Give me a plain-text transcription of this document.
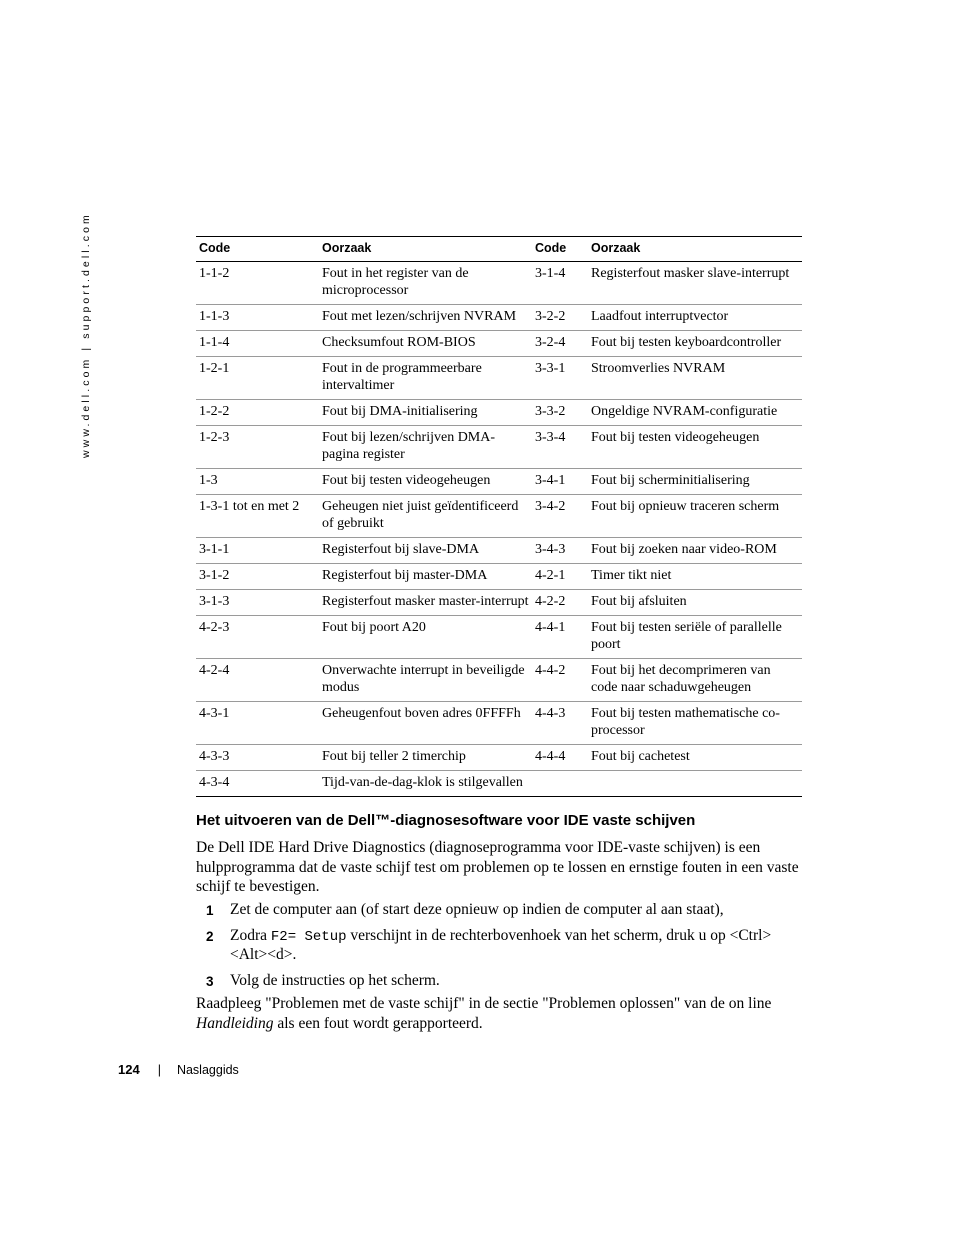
www.dell.com | support.dell.com	Code	Oorzaak	Code	Oorzaak
1-1-2	Fout in het register van de microprocessor	3-1-4	Registerfout masker slave-interrupt
1-1-3	Fout met lezen/schrijven NVRAM	3-2-2	Laadfout interruptvector
1-1-4	Checksumfout ROM-BIOS	3-2-4	Fout bij testen keyboardcontroller
1-2-1	Fout in de programmeerbare intervaltimer	3-3-1	Stroomverlies NVRAM
1-2-2	Fout bij DMA-initialisering	3-3-2	Ongeldige NVRAM-configuratie
1-2-3	Fout bij lezen/schrijven DMA-pagina register	3-3-4	Fout bij testen videogeheugen
1-3	Fout bij testen videogeheugen	3-4-1	Fout bij scherminitialisering
1-3-1 tot en met 2	Geheugen niet juist geïdentificeerd of gebruikt	3-4-2	Fout bij opnieuw traceren scherm
3-1-1	Registerfout bij slave-DMA	3-4-3	Fout bij zoeken naar video-ROM
3-1-2	Registerfout bij master-DMA	4-2-1	Timer tikt niet
3-1-3	Registerfout masker master-interrupt	4-2-2	Fout bij afsluiten
4-2-3	Fout bij poort A20	4-4-1	Fout bij testen seriële of parallelle poort
4-2-4	Onverwachte interrupt in beveiligde modus	4-4-2	Fout bij het decomprimeren van code naar schaduwgeheugen
4-3-1	Geheugenfout boven adres 0FFFFh	4-4-3	Fout bij testen mathematische co-processor
4-3-3	Fout bij teller 2 timerchip	4-4-4	Fout bij cachetest
4-3-4	Tijd-van-de-dag-klok is stilgevallen		
Het uitvoeren van de Dell™-diagnosesoftware voor IDE vaste schijven

De Dell IDE Hard Drive Diagnostics (diagnoseprogramma voor IDE-vaste schijven) is een hulpprogramma dat de vaste schijf test om problemen op te lossen en ernstige fouten in een vaste schijf te bevestigen.

1 Zet de computer aan (of start deze opnieuw op indien de computer al aan staat),
2 Zodra F2= Setup verschijnt in de rechterbovenhoek van het scherm, druk u op <Ctrl><Alt><d>.
3 Volg de instructies op het scherm.

Raadpleeg "Problemen met de vaste schijf" in de sectie "Problemen oplossen" van de on line Handleiding als een fout wordt gerapporteerd.

124 | Naslaggids
